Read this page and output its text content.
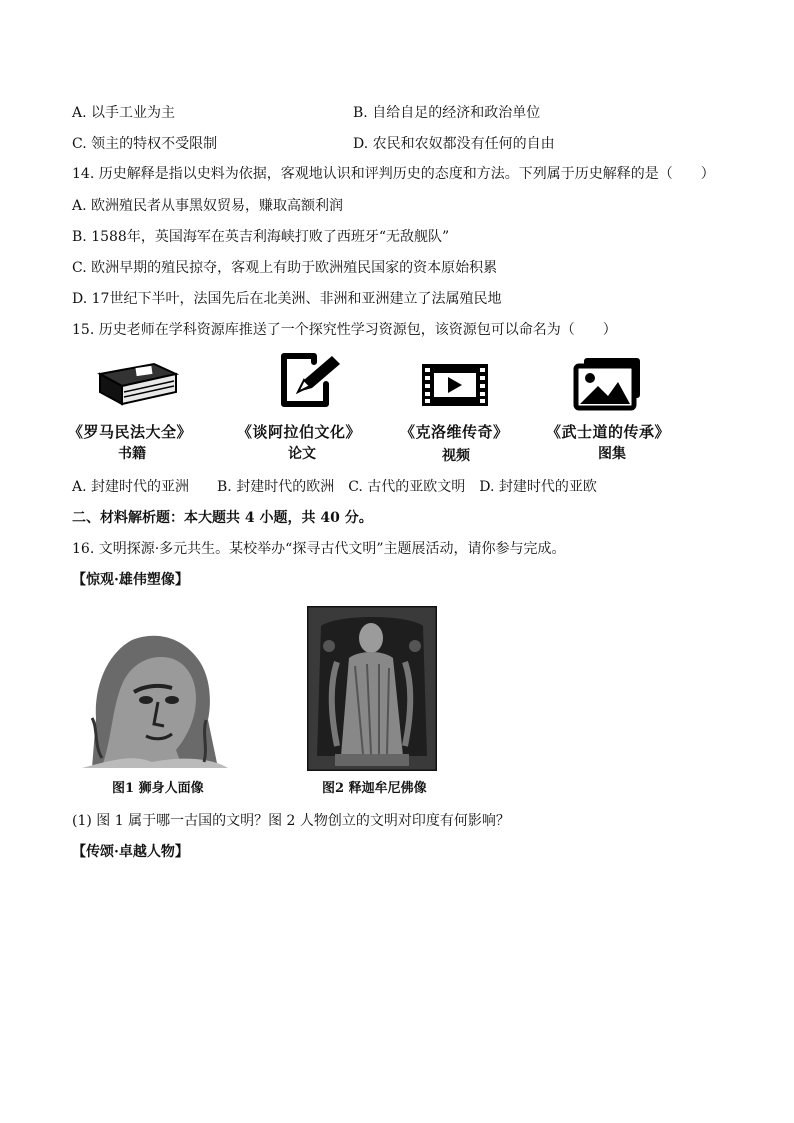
A. 以手工业为主	B. 自给自足的经济和政治单位
C. 领主的特权不受限制	D. 农民和农奴都没有任何的自由
14. 历史解释是指以史料为依据，客观地认识和评判历史的态度和方法。下列属于历史解释的是（　　）
A. 欧洲殖民者从事黑奴贸易，赚取高额利润
B. 1588年，英国海军在英吉利海峡打败了西班牙“无敌舰队”
C. 欧洲早期的殖民掠夺，客观上有助于欧洲殖民国家的资本原始积累
D. 17世纪下半叶，法国先后在北美洲、非洲和亚洲建立了法属殖民地
15. 历史老师在学科资源库推送了一个探究性学习资源包，该资源包可以命名为（　　）
《罗马民法大全》	《谈阿拉伯文化》	《克洛维传奇》 《武士道的传承》
书籍	论文	视频	图集
A. 封建时代的亚洲　　B. 封建时代的欧洲　C. 古代的亚欧文明　D. 封建时代的亚欧
二、材料解析题：本大题共 4 小题，共 40 分。
16. 文明探源·多元共生。某校举办“探寻古代文明”主题展活动，请你参与完成。
【惊观·雄伟塑像】
图1 狮身人面像	图2 释迦牟尼佛像
(1) 图 1 属于哪一古国的文明？图 2 人物创立的文明对印度有何影响？
【传颂·卓越人物】
